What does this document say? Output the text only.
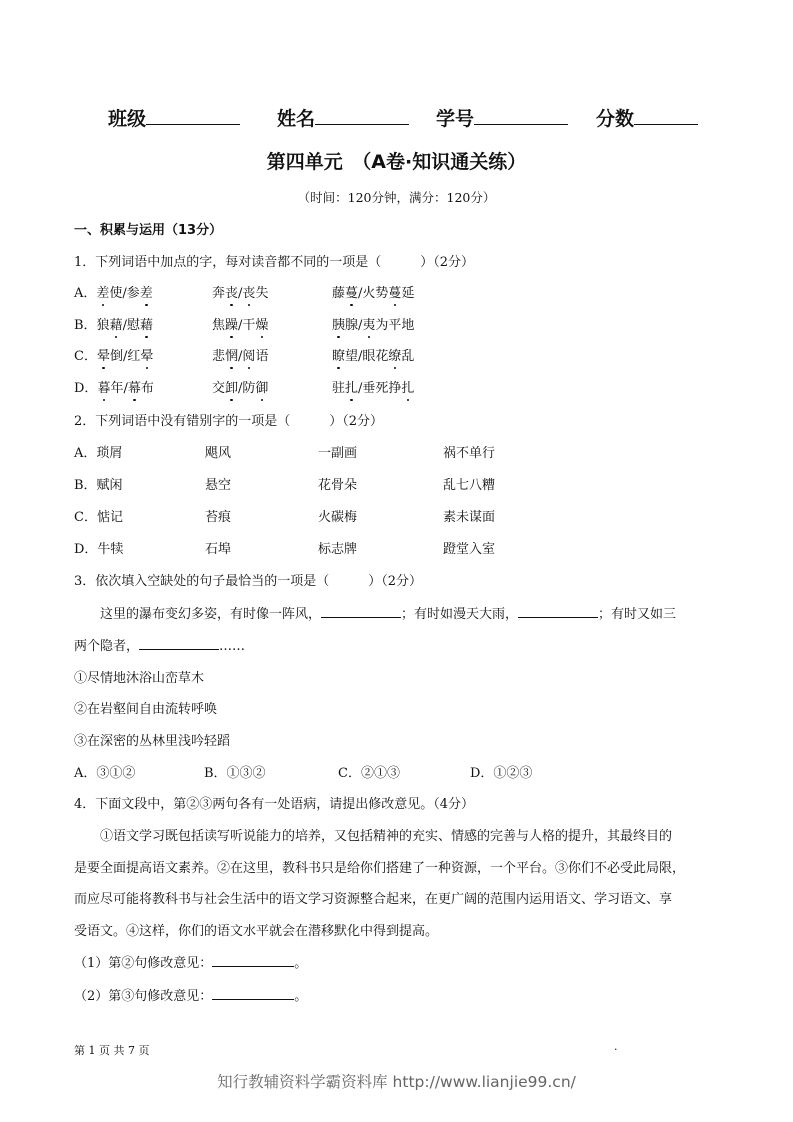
班级	姓名	学号	分数
第四单元　（A卷·知识通关练）
（时间：120分钟，满分：120分）
一、积累与运用（13分）
1．下列词语中加点的字，每对读音都不同的一项是（　　　）（2分）
A．差使/参差	奔丧/丧失	藤蔓/火势蔓延
B．狼藉/慰藉	焦躁/干燥	胰腺/夷为平地
C．晕倒/红晕	悲惘/阅语	瞭望/眼花缭乱
D．暮年/幕布	交卸/防御	驻扎/垂死挣扎
2．下列词语中没有错别字的一项是（　　　）（2分）
A．琐屑	飓风	一副画	祸不单行
B．赋闲	悬空	花骨朵	乱七八糟
C．惦记	苔痕	火碳梅	素未谋面
D．牛犊	石埠	标志牌	蹬堂入室
3．依次填入空缺处的句子最恰当的一项是（　　　）（2分）
这里的瀑布变幻多姿，有时像一阵风，	；有时如漫天大雨，	；有时又如三
两个隐者，	……
①尽情地沐浴山峦草木
②在岩壑间自由流转呼唤
③在深密的丛林里浅吟轻蹈
A．③①②	B．①③②	C．②①③	D．①②③
4．下面文段中，第②③两句各有一处语病，请提出修改意见。（4分）
①语文学习既包括读写听说能力的培养，又包括精神的充实、情感的完善与人格的提升，其最终目的
是要全面提高语文素养。②在这里，教科书只是给你们搭建了一种资源，一个平台。③你们不必受此局限，
而应尽可能将教科书与社会生活中的语文学习资源整合起来，在更广阔的范围内运用语文、学习语文、享
受语文。④这样，你们的语文水平就会在潜移默化中得到提高。
（1）第②句修改意见：	。
（2）第③句修改意见：	。
第 1 页 共 7 页	.
知行教辅资料学霸资料库 http://www.lianjie99.cn/
